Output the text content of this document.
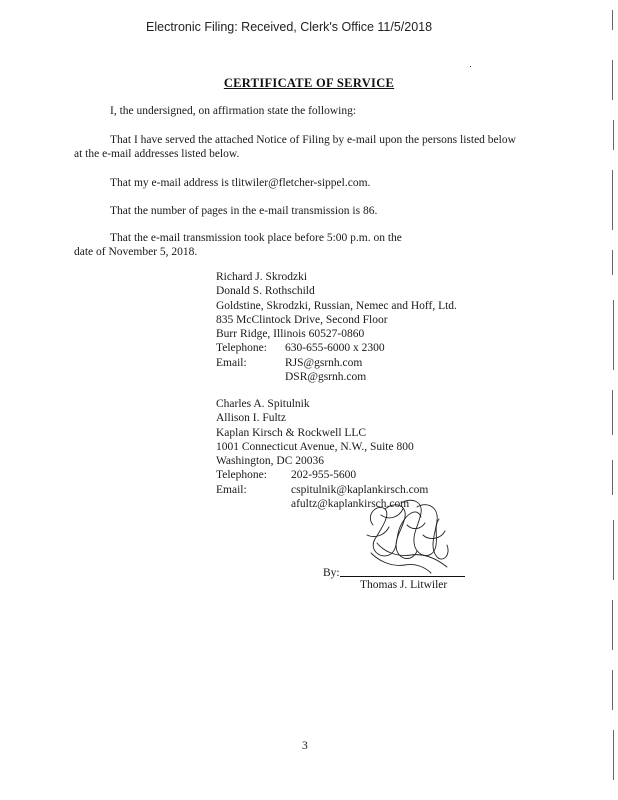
Electronic Filing: Received, Clerk's Office 11/5/2018
CERTIFICATE OF SERVICE
I, the undersigned, on affirmation state the following:
That I have served the attached Notice of Filing by e-mail upon the persons listed below
at the e-mail addresses listed below.
That my e-mail address is tlitwiler@fletcher-sippel.com.
That the number of pages in the e-mail transmission is 86.
That the e-mail transmission took place before 5:00 p.m. on the
date of November 5, 2018.
Richard J. Skrodzki
Donald S. Rothschild
Goldstine, Skrodzki, Russian, Nemec and Hoff, Ltd.
835 McClintock Drive, Second Floor
Burr Ridge, Illinois 60527-0860
Telephone: 630-655-6000 x 2300
Email:	RJS@gsrnh.com
DSR@gsrnh.com
Charles A. Spitulnik
Allison I. Fultz
Kaplan Kirsch & Rockwell LLC
1001 Connecticut Avenue, N.W., Suite 800
Washington, DC 20036
Telephone: 202-955-5600
Email:	cspitulnik@kaplankirsch.com
afultz@kaplankirsch.com
By:
Thomas J. Litwiler
3
